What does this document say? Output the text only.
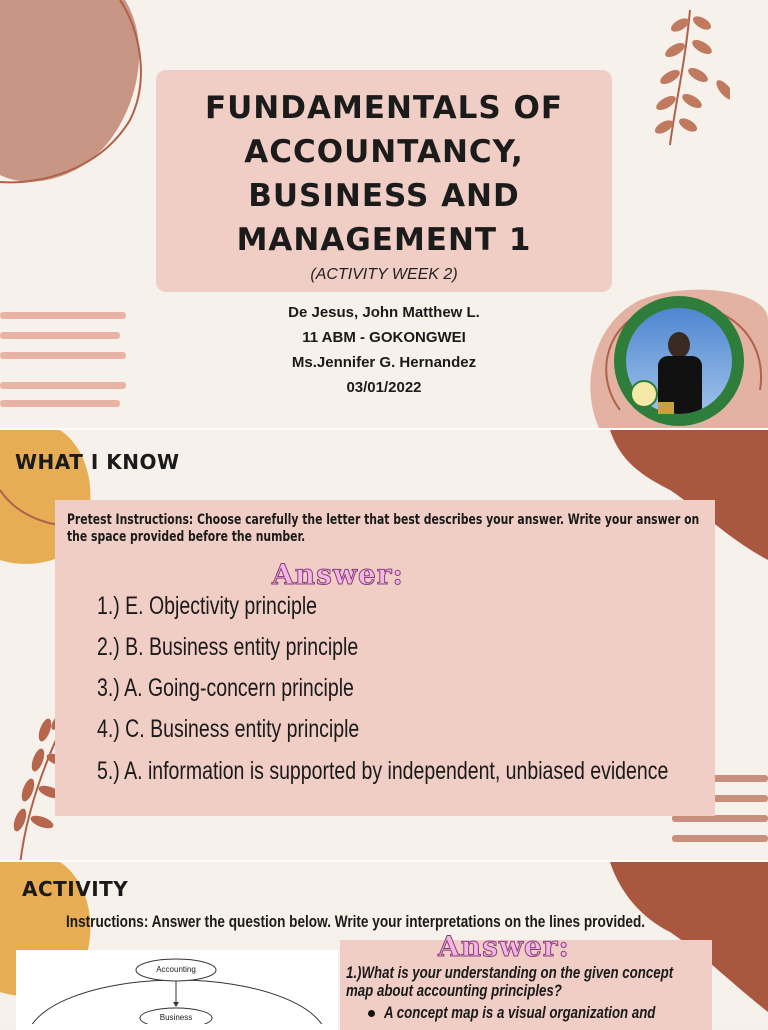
FUNDAMENTALS OF
ACCOUNTANCY,
BUSINESS AND
MANAGEMENT 1
(ACTIVITY WEEK 2)
De Jesus, John Matthew L.
11 ABM - GOKONGWEI
Ms.Jennifer G. Hernandez
03/01/2022
WHAT I KNOW
Pretest Instructions: Choose carefully the letter that best describes your answer. Write your answer on the space provided before the number.
Answer:
1.) E. Objectivity principle
2.) B. Business entity principle
3.) A. Going-concern principle
4.) C. Business entity principle
5.) A. information is supported by independent, unbiased evidence
ACTIVITY
Instructions: Answer the question below. Write your interpretations on the lines provided.
Accounting
Business
Answer:
1.)What is your understanding on the given concept map about accounting principles?
A concept map is a visual organization and
